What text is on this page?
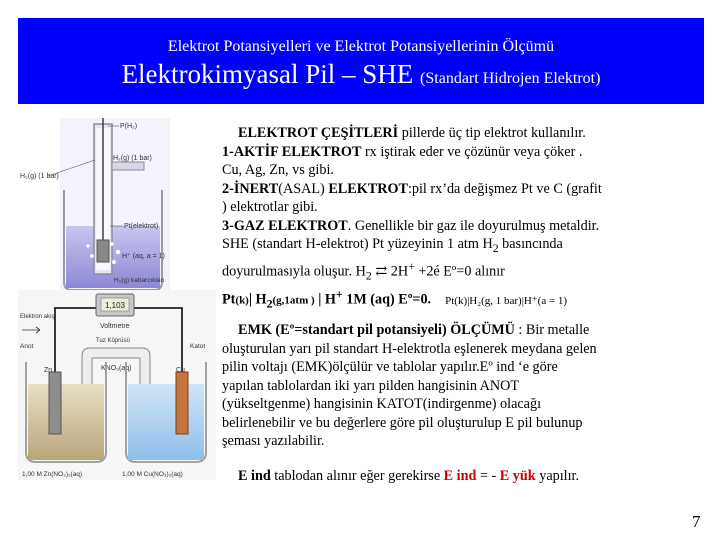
Elektrot Potansiyelleri ve Elektrot Potansiyellerinin Ölçümü
Elektrokimyasal Pil – SHE (Standart Hidrojen Elektrot)
P(H₂)
H₂(g) (1 bar)
H₂(g) (1 bar)
Pt(elektrot)
H⁺ (aq, a = 1)
H₂(g) kabarcıkları
1,103
Voltmetre
Elektron akışı
Anot	Katot
Tuz Köprüsü
KNO₃(aq)
Zn	Cu
1,00 M Zn(NO₃)₂(aq)	1,00 M Cu(NO₃)₂(aq)
ELEKTROT ÇEŞİTLERİ pillerde üç tip elektrot kullanılır.
1-AKTİF ELEKTROT rx iştirak eder ve çözünür veya çöker .
Cu, Ag, Zn, vs gibi.
2-İNERT(ASAL) ELEKTROT:pil rx’da değişmez Pt ve C (grafit
) elektrotlar gibi.
3-GAZ ELEKTROT. Genellikle bir gaz ile doyurulmuş metaldir.
SHE (standart H-elektrot) Pt yüzeyinin 1 atm $H_2$ basıncında
doyurulmasıyla oluşur. $H_2$ ⇄ 2H+ +2é Eº=0 alınır
Pt(k)| $H_2(g,1atm$ ) | H+ 1M (aq) Eº=0. Pt(k)|H₂(g, 1 bar)|H⁺(a = 1)
EMK (Eº=standart pil potansiyeli) ÖLÇÜMÜ : Bir metalle
oluşturulan yarı pil standart H-elektrotla eşlenerek meydana gelen
pilin voltajı (EMK)ölçülür ve tablolar yapılır.Eº ind ‘e göre
yapılan tablolardan iki yarı pilden hangisinin ANOT
(yükseltgenme) hangisinin KATOT(indirgenme) olacağı
belirlenebilir ve bu değerlere göre pil oluşturulup E pil bulunup
şeması yazılabilir.
E ind tablodan alınır eğer gerekirse E ind = - E yük yapılır.
7
